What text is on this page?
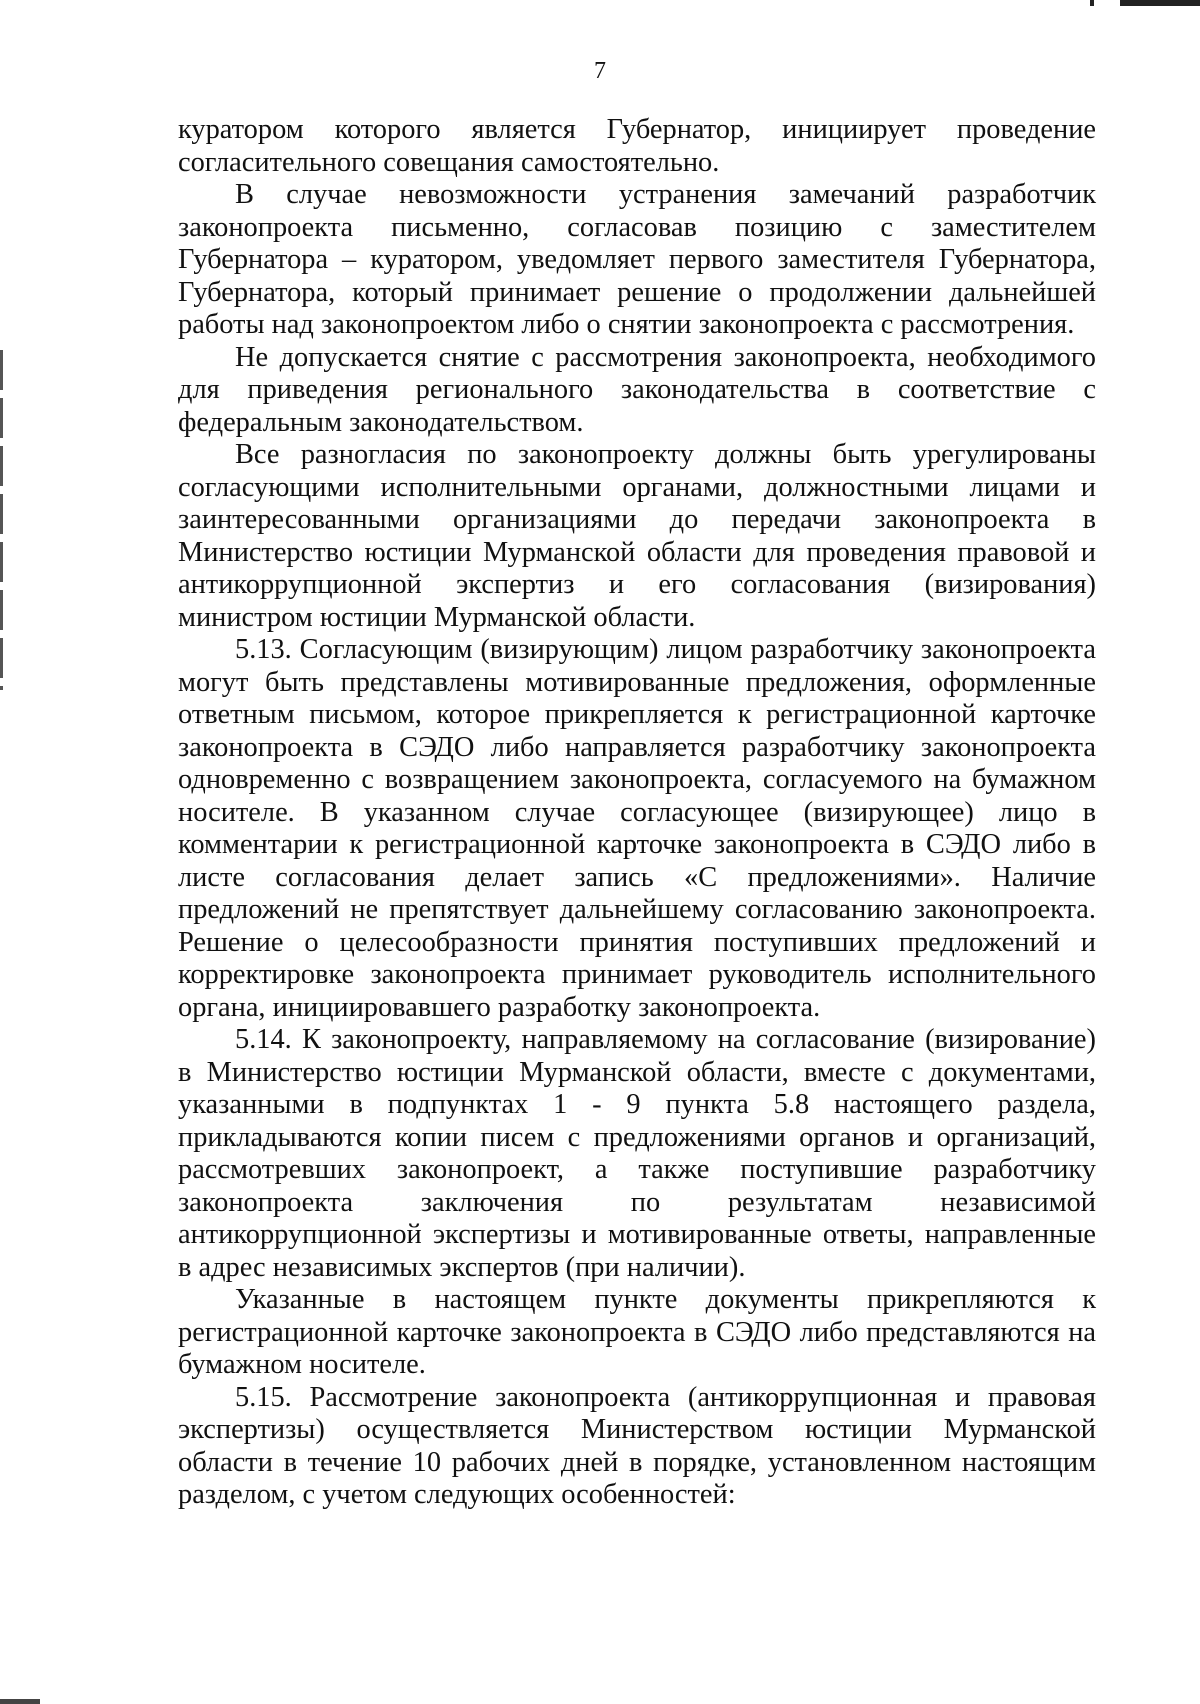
7

куратором которого является Губернатор, инициирует проведение согласительного совещания самостоятельно.

В случае невозможности устранения замечаний разработчик законопроекта письменно, согласовав позицию с заместителем Губернатора – куратором, уведомляет первого заместителя Губернатора, Губернатора, который принимает решение о продолжении дальнейшей работы над законопроектом либо о снятии законопроекта с рассмотрения.

Не допускается снятие с рассмотрения законопроекта, необходимого для приведения регионального законодательства в соответствие с федеральным законодательством.

Все разногласия по законопроекту должны быть урегулированы согласующими исполнительными органами, должностными лицами и заинтересованными организациями до передачи законопроекта в Министерство юстиции Мурманской области для проведения правовой и антикоррупционной экспертиз и его согласования (визирования) министром юстиции Мурманской области.

5.13. Согласующим (визирующим) лицом разработчику законопроекта могут быть представлены мотивированные предложения, оформленные ответным письмом, которое прикрепляется к регистрационной карточке законопроекта в СЭДО либо направляется разработчику законопроекта одновременно с возвращением законопроекта, согласуемого на бумажном носителе. В указанном случае согласующее (визирующее) лицо в комментарии к регистрационной карточке законопроекта в СЭДО либо в листе согласования делает запись «С предложениями». Наличие предложений не препятствует дальнейшему согласованию законопроекта. Решение о целесообразности принятия поступивших предложений и корректировке законопроекта принимает руководитель исполнительного органа, инициировавшего разработку законопроекта.

5.14. К законопроекту, направляемому на согласование (визирование) в Министерство юстиции Мурманской области, вместе с документами, указанными в подпунктах 1 - 9 пункта 5.8 настоящего раздела, прикладываются копии писем с предложениями органов и организаций, рассмотревших законопроект, а также поступившие разработчику законопроекта заключения по результатам независимой антикоррупционной экспертизы и мотивированные ответы, направленные в адрес независимых экспертов (при наличии).

Указанные в настоящем пункте документы прикрепляются к регистрационной карточке законопроекта в СЭДО либо представляются на бумажном носителе.

5.15. Рассмотрение законопроекта (антикоррупционная и правовая экспертизы) осуществляется Министерством юстиции Мурманской области в течение 10 рабочих дней в порядке, установленном настоящим разделом, с учетом следующих особенностей:
